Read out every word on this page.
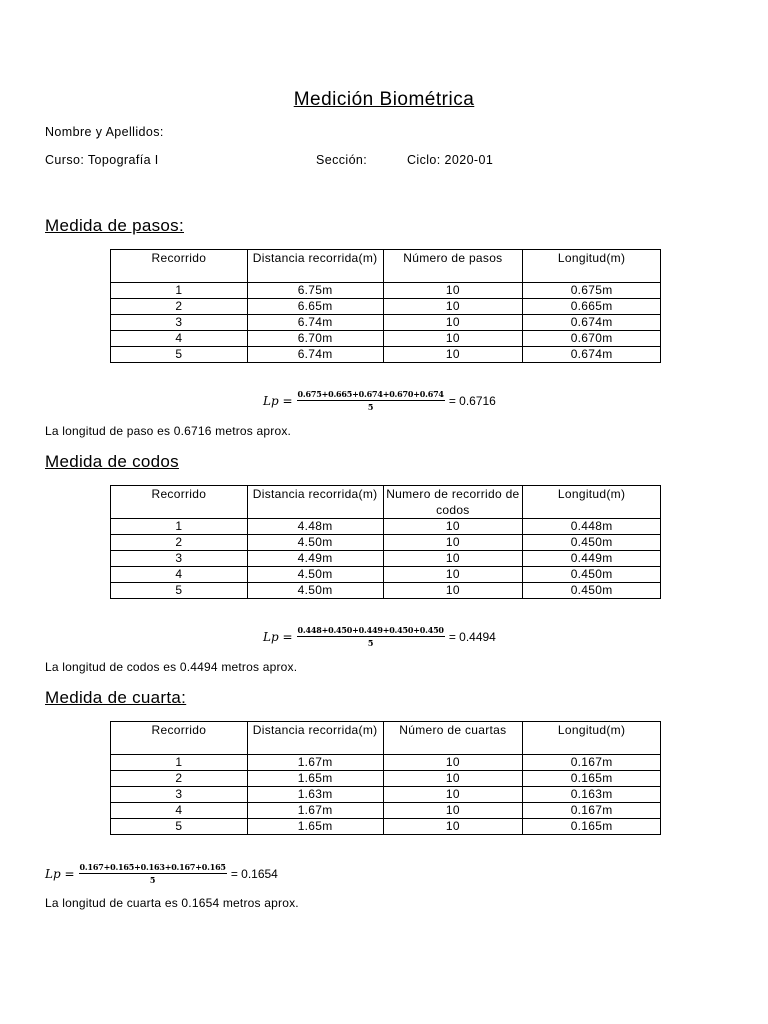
Medición Biométrica
Nombre y Apellidos:
Curso: Topografía I	Sección:	Ciclo: 2020-01
Medida de pasos:
Recorrido	Distancia recorrida(m)	Número de pasos	Longitud(m)
1	6.75m	10	0.675m
2	6.65m	10	0.665m
3	6.74m	10	0.674m
4	6.70m	10	0.670m
5	6.74m	10	0.674m
$Lp = \frac{0.675+0.665+0.674+0.670+0.674}{5} = 0.6716$
La longitud de paso es 0.6716 metros aprox.
Medida de codos
Recorrido	Distancia recorrida(m)	Numero de recorrido de codos	Longitud(m)
1	4.48m	10	0.448m
2	4.50m	10	0.450m
3	4.49m	10	0.449m
4	4.50m	10	0.450m
5	4.50m	10	0.450m
$Lp = \frac{0.448+0.450+0.449+0.450+0.450}{5} = 0.4494$
La longitud de codos es 0.4494 metros aprox.
Medida de cuarta:
Recorrido	Distancia recorrida(m)	Número de cuartas	Longitud(m)
1	1.67m	10	0.167m
2	1.65m	10	0.165m
3	1.63m	10	0.163m
4	1.67m	10	0.167m
5	1.65m	10	0.165m
$Lp = \frac{0.167+0.165+0.163+0.167+0.165}{5} = 0.1654$
La longitud de cuarta es 0.1654 metros aprox.
